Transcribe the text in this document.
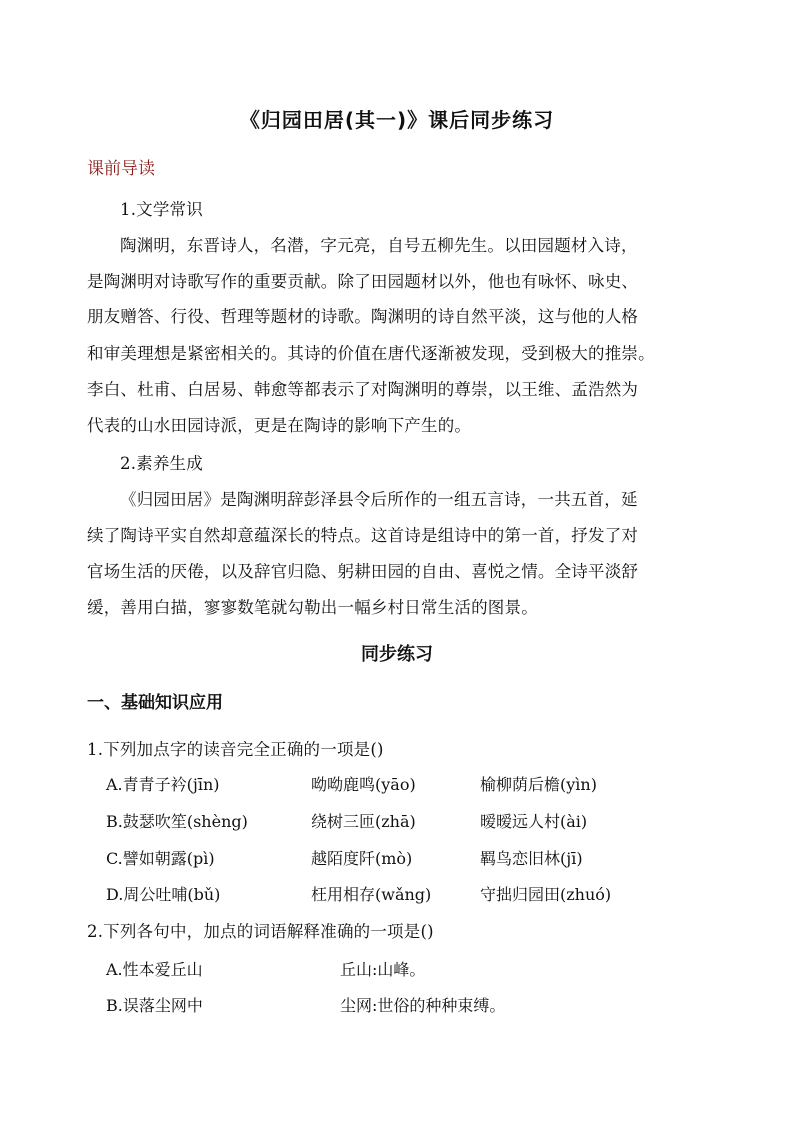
《归园田居(其一)》课后同步练习
课前导读
1.文学常识
陶渊明，东晋诗人，名潜，字元亮，自号五柳先生。以田园题材入诗，
是陶渊明对诗歌写作的重要贡献。除了田园题材以外，他也有咏怀、咏史、
朋友赠答、行役、哲理等题材的诗歌。陶渊明的诗自然平淡，这与他的人格
和审美理想是紧密相关的。其诗的价值在唐代逐渐被发现，受到极大的推崇。
李白、杜甫、白居易、韩愈等都表示了对陶渊明的尊崇，以王维、孟浩然为
代表的山水田园诗派，更是在陶诗的影响下产生的。
2.素养生成
《归园田居》是陶渊明辞彭泽县令后所作的一组五言诗，一共五首，延
续了陶诗平实自然却意蕴深长的特点。这首诗是组诗中的第一首，抒发了对
官场生活的厌倦，以及辞官归隐、躬耕田园的自由、喜悦之情。全诗平淡舒
缓，善用白描，寥寥数笔就勾勒出一幅乡村日常生活的图景。
同步练习
一、基础知识应用
1.下列加点字的读音完全正确的一项是()
A.青青子衿(jīn)	呦呦鹿鸣(yāo)	榆柳荫后檐(yìn)
B.鼓瑟吹笙(shèng)	绕树三匝(zhā)	暧暧远人村(ài)
C.譬如朝露(pì)	越陌度阡(mò)	羁鸟恋旧林(jī)
D.周公吐哺(bǔ)	枉用相存(wǎng)	守拙归园田(zhuó)
2.下列各句中，加点的词语解释准确的一项是()
A.性本爱丘山	丘山:山峰。
B.误落尘网中	尘网:世俗的种种束缚。
